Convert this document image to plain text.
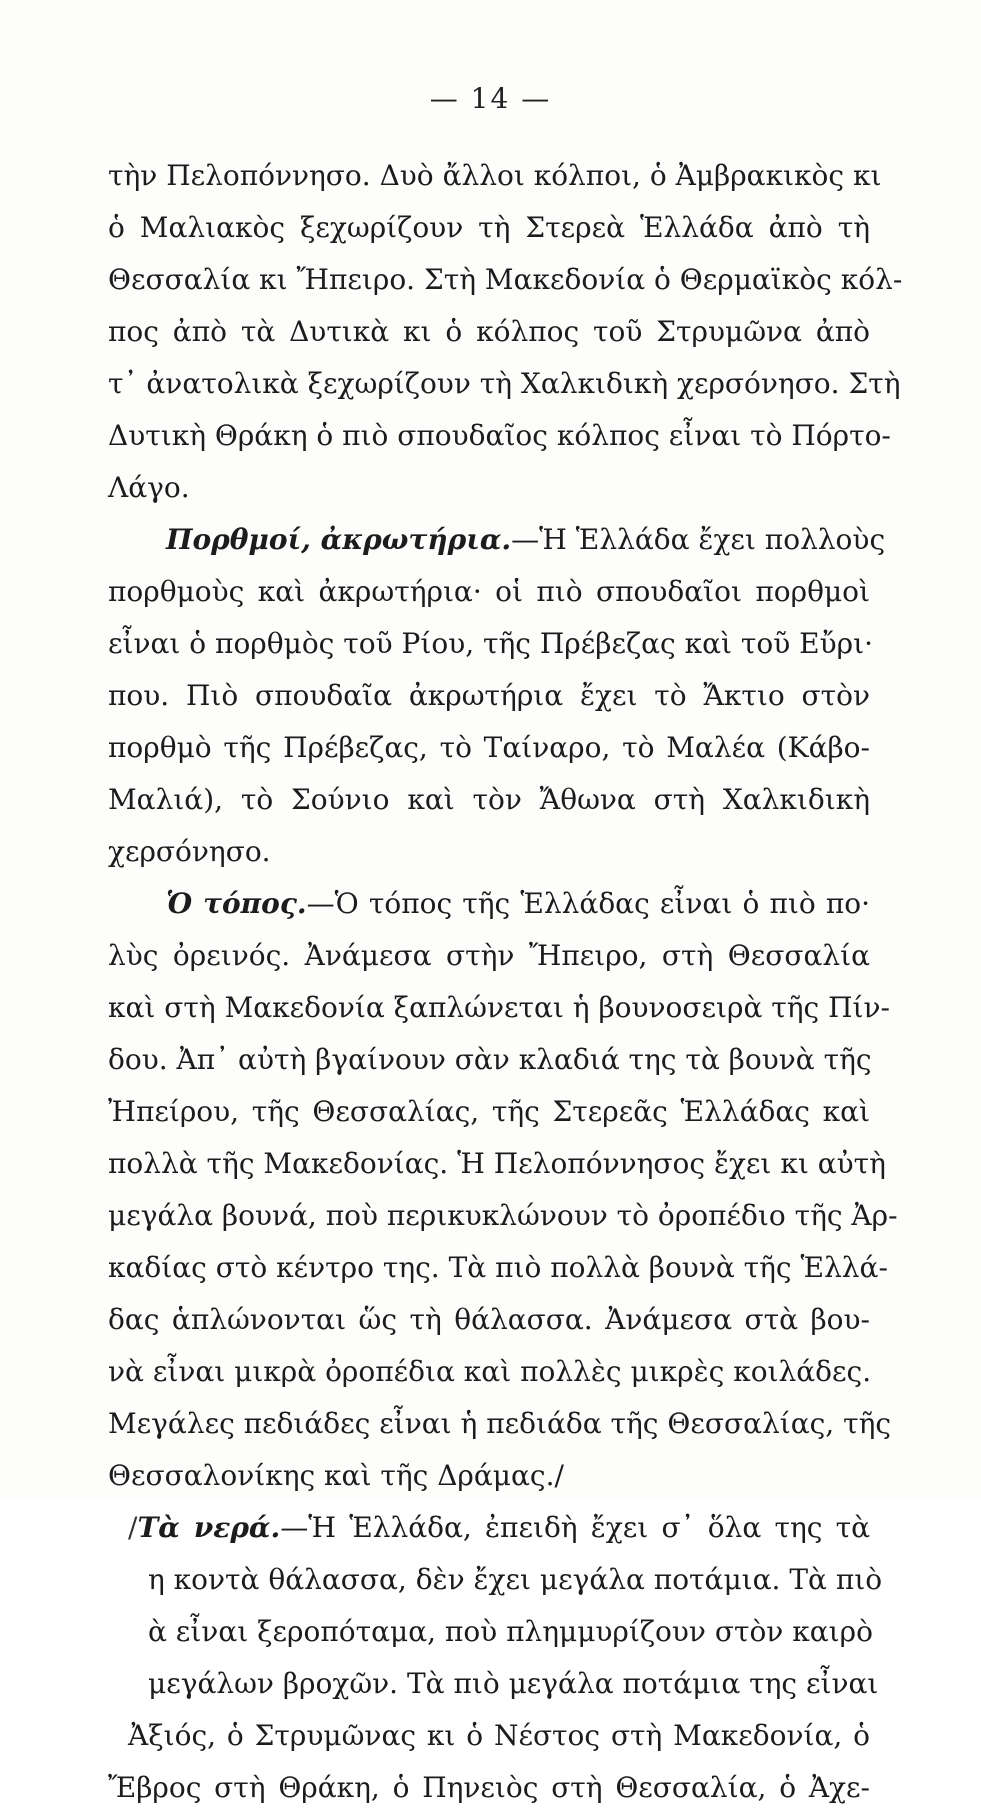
— 14 —
τὴν Πελοπόννησο. Δυὸ ἄλλοι κόλποι, ὁ Ἀμβρακικὸς κι
ὁ Μαλιακὸς ξεχωρίζουν τὴ Στερεὰ Ἑλλάδα ἀπὸ τὴ
Θεσσαλία κι Ἤπειρο. Στὴ Μακεδονία ὁ Θερμαϊκὸς κόλ-
πος ἀπὸ τὰ Δυτικὰ κι ὁ κόλπος τοῦ Στρυμῶνα ἀπὸ
τ᾽ ἀνατολικὰ ξεχωρίζουν τὴ Χαλκιδικὴ χερσόνησο. Στὴ
Δυτικὴ Θράκη ὁ πιὸ σπουδαῖος κόλπος εἶναι τὸ Πόρτο-
Λάγο.
Πορθμοί, ἀκρωτήρια.—Ἡ Ἑλλάδα ἔχει πολλοὺς
πορθμοὺς καὶ ἀκρωτήρια· οἱ πιὸ σπουδαῖοι πορθμοὶ
εἶναι ὁ πορθμὸς τοῦ Ρίου, τῆς Πρέβεζας καὶ τοῦ Εὔρι·
που. Πιὸ σπουδαῖα ἀκρωτήρια ἔχει τὸ Ἄκτιο στὸν
πορθμὸ τῆς Πρέβεζας, τὸ Ταίναρο, τὸ Μαλέα (Κάβο-
Μαλιά), τὸ Σούνιο καὶ τὸν Ἄθωνα στὴ Χαλκιδικὴ
χερσόνησο.
Ὁ τόπος.—Ὁ τόπος τῆς Ἑλλάδας εἶναι ὁ πιὸ πο·
λὺς ὀρεινός. Ἀνάμεσα στὴν Ἤπειρο, στὴ Θεσσαλία
καὶ στὴ Μακεδονία ξαπλώνεται ἡ βουνοσειρὰ τῆς Πίν-
δου. Ἀπ᾽ αὐτὴ βγαίνουν σὰν κλαδιά της τὰ βουνὰ τῆς
Ἠπείρου, τῆς Θεσσαλίας, τῆς Στερεᾶς Ἑλλάδας καὶ
πολλὰ τῆς Μακεδονίας. Ἡ Πελοπόννησος ἔχει κι αὐτὴ
μεγάλα βουνά, ποὺ περικυκλώνουν τὸ ὀροπέδιο τῆς Ἀρ-
καδίας στὸ κέντρο της. Τὰ πιὸ πολλὰ βουνὰ τῆς Ἑλλά-
δας ἁπλώνονται ὥς τὴ θάλασσα. Ἀνάμεσα στὰ βου-
νὰ εἶναι μικρὰ ὀροπέδια καὶ πολλὲς μικρὲς κοιλάδες.
Μεγάλες πεδιάδες εἶναι ἡ πεδιάδα τῆς Θεσσαλίας, τῆς
Θεσσαλονίκης καὶ τῆς Δράμας./
/Τὰ νερά.—Ἡ Ἑλλάδα, ἐπειδὴ ἔχει σ᾽ ὅλα της τὰ
η κοντὰ θάλασσα, δὲν ἔχει μεγάλα ποτάμια. Τὰ πιὸ
ὰ εἶναι ξεροπόταμα, ποὺ πλημμυρίζουν στὸν καιρὸ
μεγάλων βροχῶν. Τὰ πιὸ μεγάλα ποτάμια της εἶναι
Ἀξιός, ὁ Στρυμῶνας κι ὁ Νέστος στὴ Μακεδονία, ὁ
Ἔβρος στὴ Θράκη, ὁ Πηνειὸς στὴ Θεσσαλία, ὁ Ἀχε-
